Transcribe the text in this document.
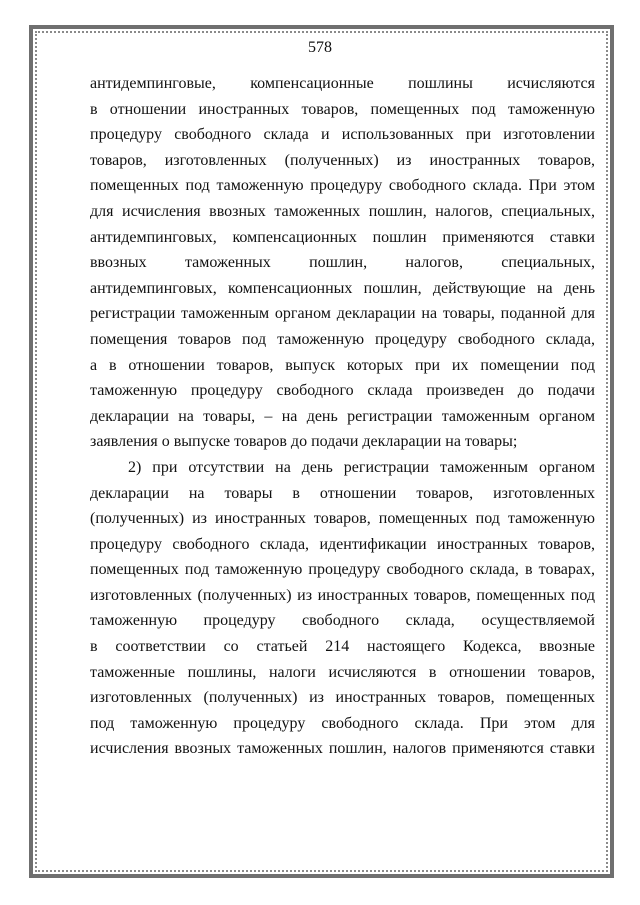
578
антидемпинговые, компенсационные пошлины исчисляются
в отношении иностранных товаров, помещенных под таможенную
процедуру свободного склада и использованных при изготовлении
товаров, изготовленных (полученных) из иностранных товаров,
помещенных под таможенную процедуру свободного склада. При этом
для исчисления ввозных таможенных пошлин, налогов, специальных,
антидемпинговых, компенсационных пошлин применяются ставки
ввозных таможенных пошлин, налогов, специальных,
антидемпинговых, компенсационных пошлин, действующие на день
регистрации таможенным органом декларации на товары, поданной для
помещения товаров под таможенную процедуру свободного склада,
а в отношении товаров, выпуск которых при их помещении под
таможенную процедуру свободного склада произведен до подачи
декларации на товары, – на день регистрации таможенным органом
заявления о выпуске товаров до подачи декларации на товары;
2) при отсутствии на день регистрации таможенным органом
декларации на товары в отношении товаров, изготовленных
(полученных) из иностранных товаров, помещенных под таможенную
процедуру свободного склада, идентификации иностранных товаров,
помещенных под таможенную процедуру свободного склада, в товарах,
изготовленных (полученных) из иностранных товаров, помещенных под
таможенную процедуру свободного склада, осуществляемой
в соответствии со статьей 214 настоящего Кодекса, ввозные
таможенные пошлины, налоги исчисляются в отношении товаров,
изготовленных (полученных) из иностранных товаров, помещенных
под таможенную процедуру свободного склада. При этом для
исчисления ввозных таможенных пошлин, налогов применяются ставки
